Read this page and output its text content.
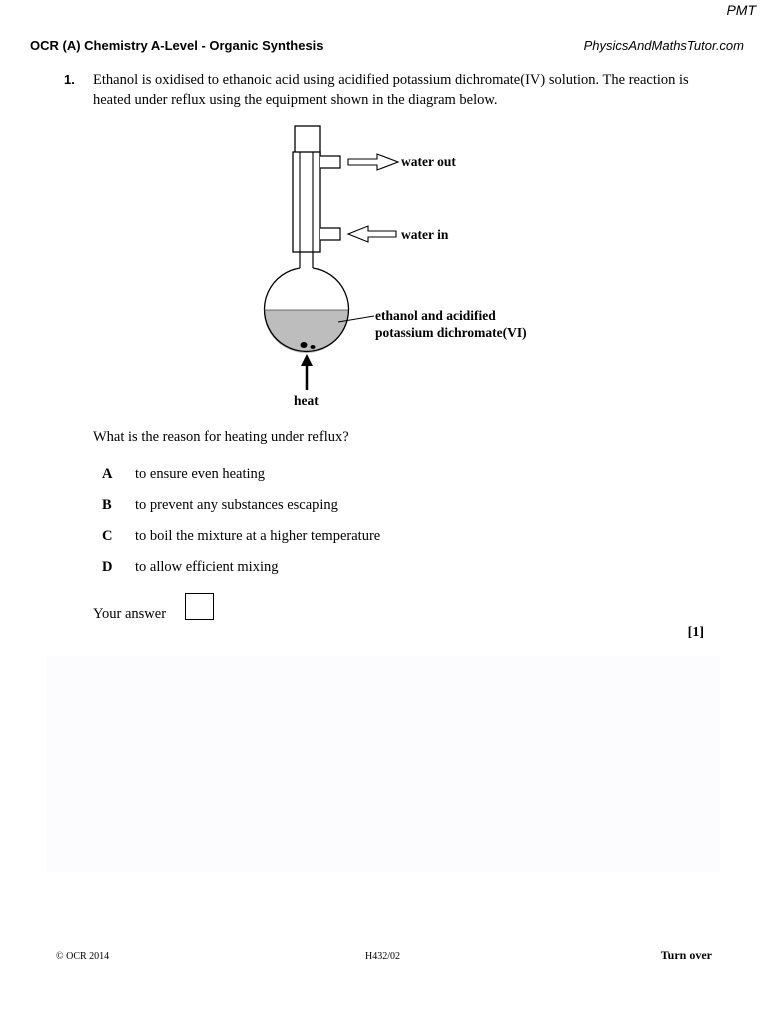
PMT
OCR (A) Chemistry A-Level - Organic Synthesis	PhysicsAndMathsTutor.com
1. Ethanol is oxidised to ethanoic acid using acidified potassium dichromate(IV) solution. The reaction is heated under reflux using the equipment shown in the diagram below.
water out
water in
ethanol and acidified
potassium dichromate(VI)
heat
What is the reason for heating under reflux?
A to ensure even heating
B to prevent any substances escaping
C to boil the mixture at a higher temperature
D to allow efficient mixing
Your answer
[1]
© OCR 2014	H432/02	Turn over
